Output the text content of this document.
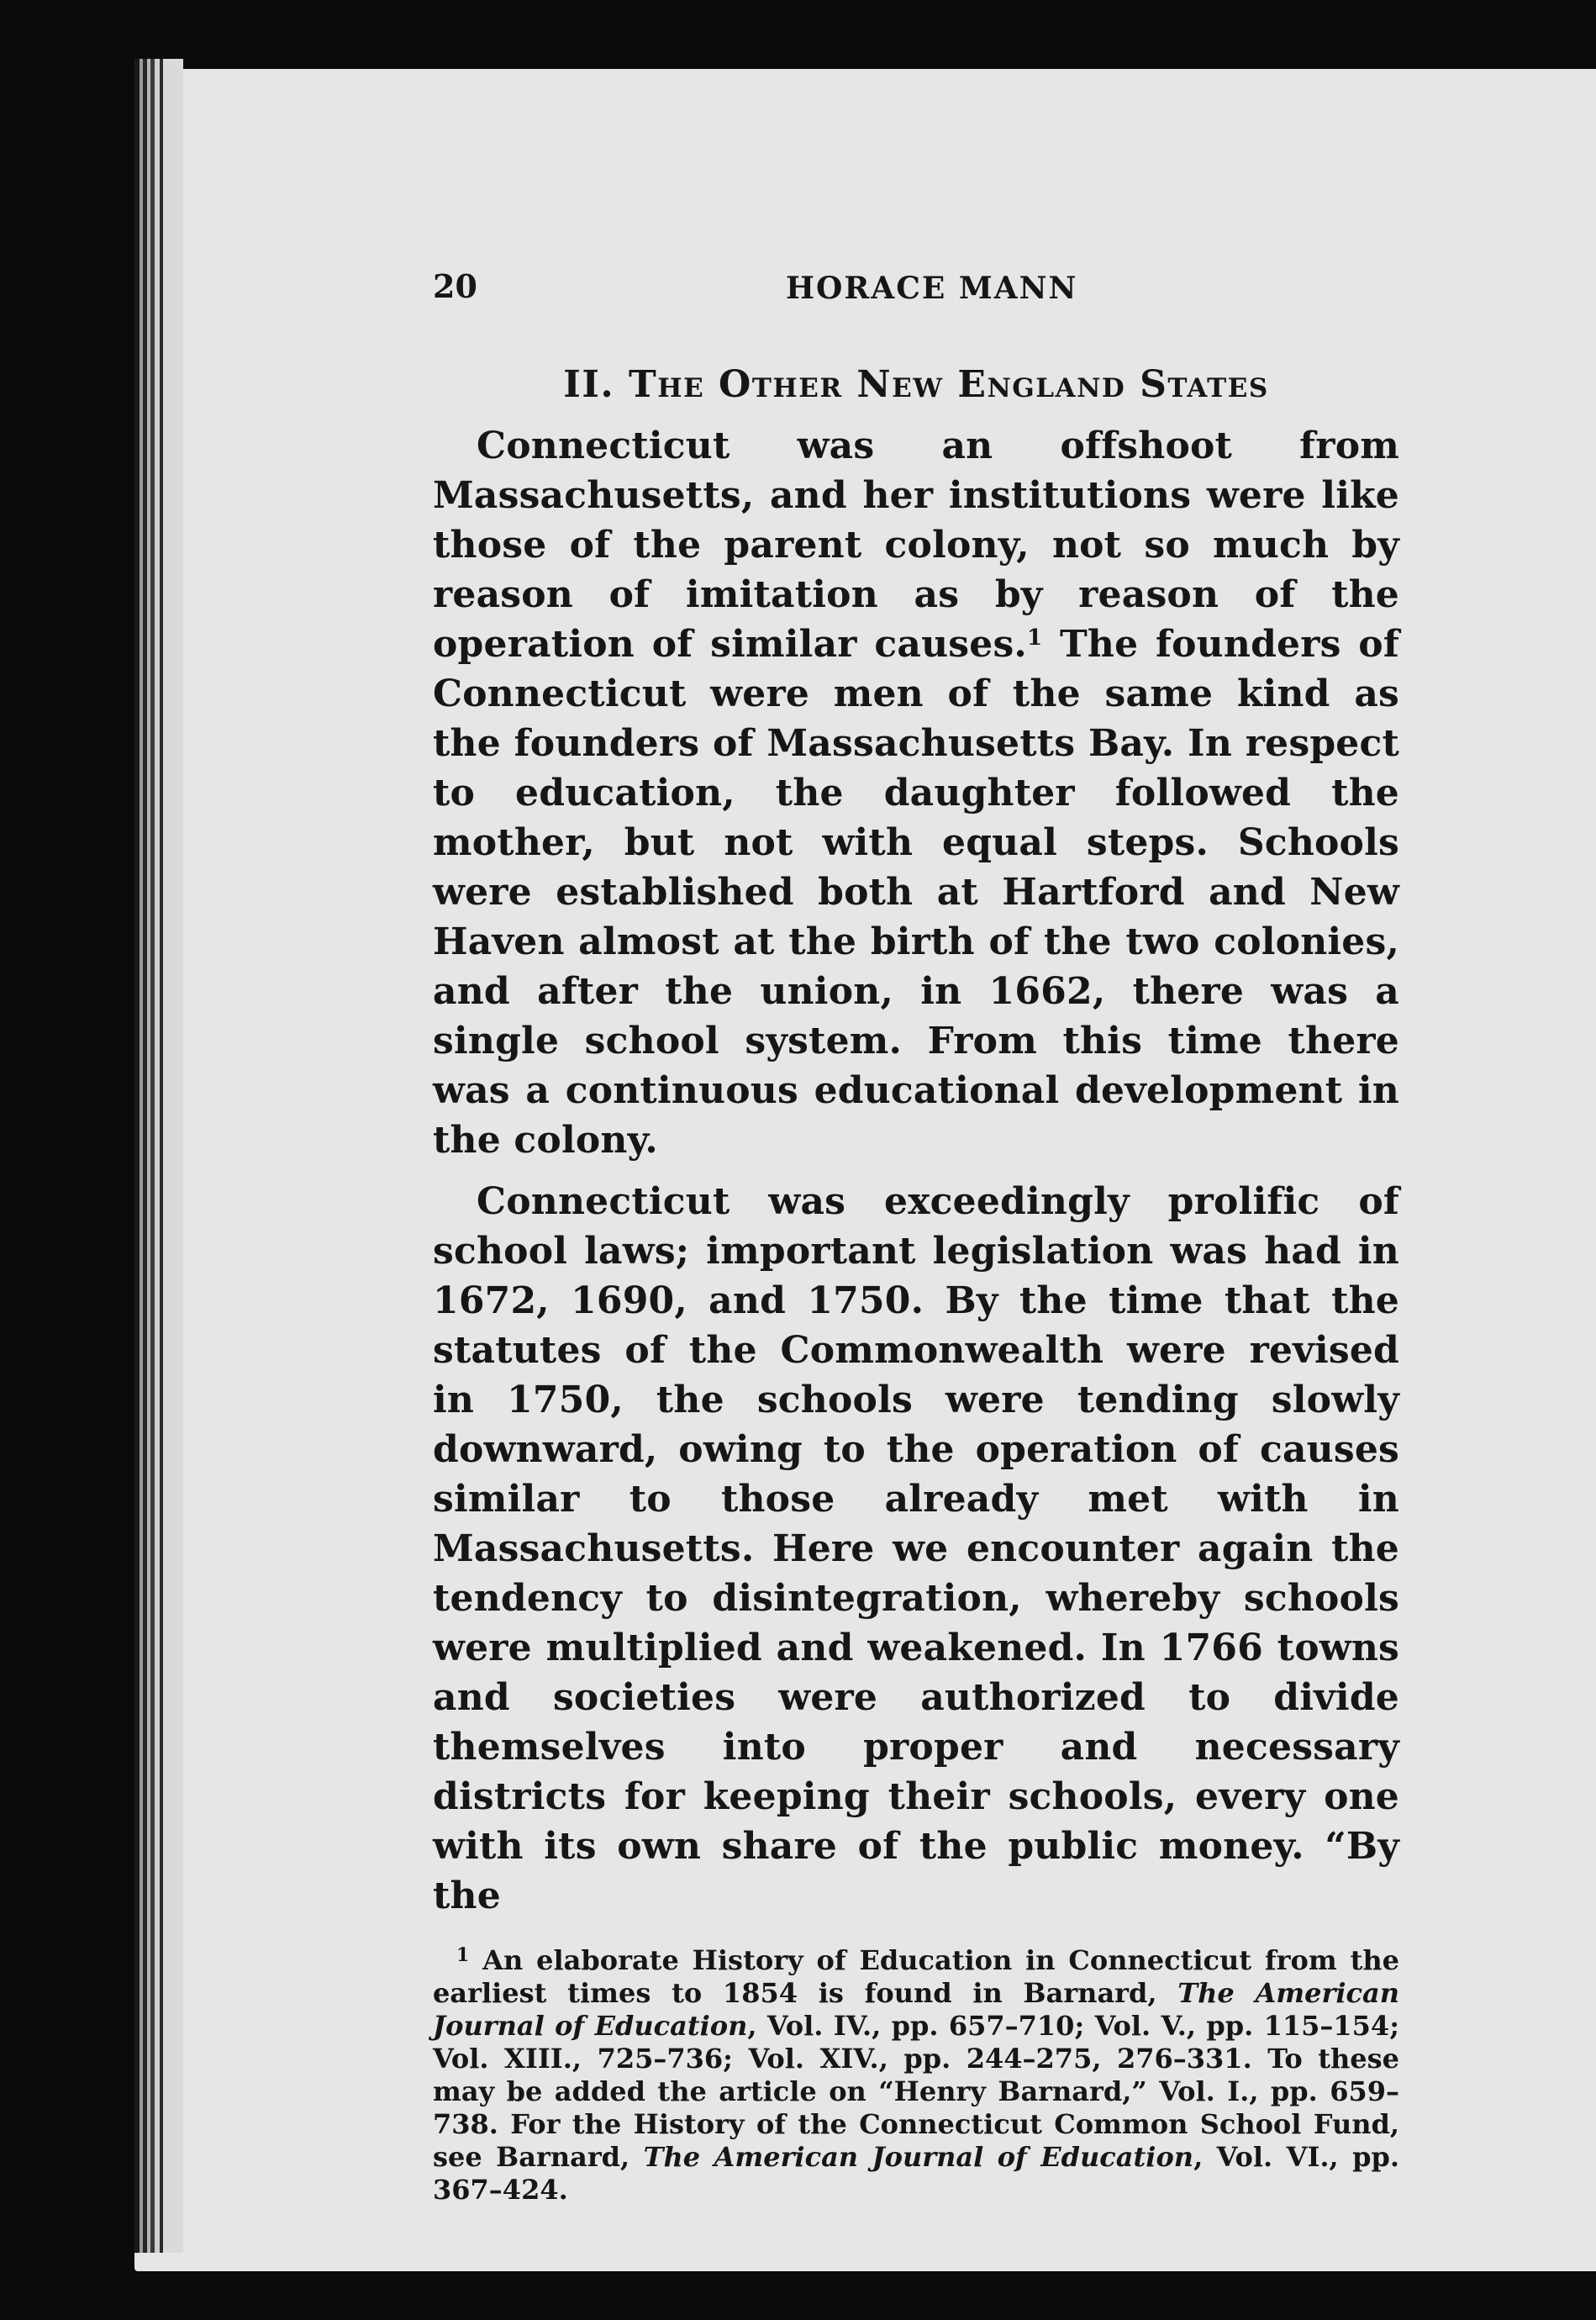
20	HORACE MANN
II. The Other New England States

Connecticut was an offshoot from Massachusetts, and her institutions were like those of the parent colony, not so much by reason of imitation as by reason of the operation of similar causes.$^1$ The founders of Connecticut were men of the same kind as the founders of Massachusetts Bay. In respect to education, the daughter followed the mother, but not with equal steps. Schools were established both at Hartford and New Haven almost at the birth of the two colonies, and after the union, in 1662, there was a single school system. From this time there was a continuous educational development in the colony.

Connecticut was exceedingly prolific of school laws; important legislation was had in 1672, 1690, and 1750. By the time that the statutes of the Commonwealth were revised in 1750, the schools were tending slowly downward, owing to the operation of causes similar to those already met with in Massachusetts. Here we encounter again the tendency to disintegration, whereby schools were multiplied and weakened. In 1766 towns and societies were authorized to divide themselves into proper and necessary districts for keeping their schools, every one with its own share of the public money. “By the

$^1$ An elaborate History of Education in Connecticut from the earliest times to 1854 is found in Barnard, The American Journal of Education, Vol. IV., pp. 657–710; Vol. V., pp. 115–154; Vol. XIII., 725–736; Vol. XIV., pp. 244–275, 276–331. To these may be added the article on “Henry Barnard,” Vol. I., pp. 659–738. For the History of the Connecticut Common School Fund, see Barnard, The American Journal of Education, Vol. VI., pp. 367–424.
